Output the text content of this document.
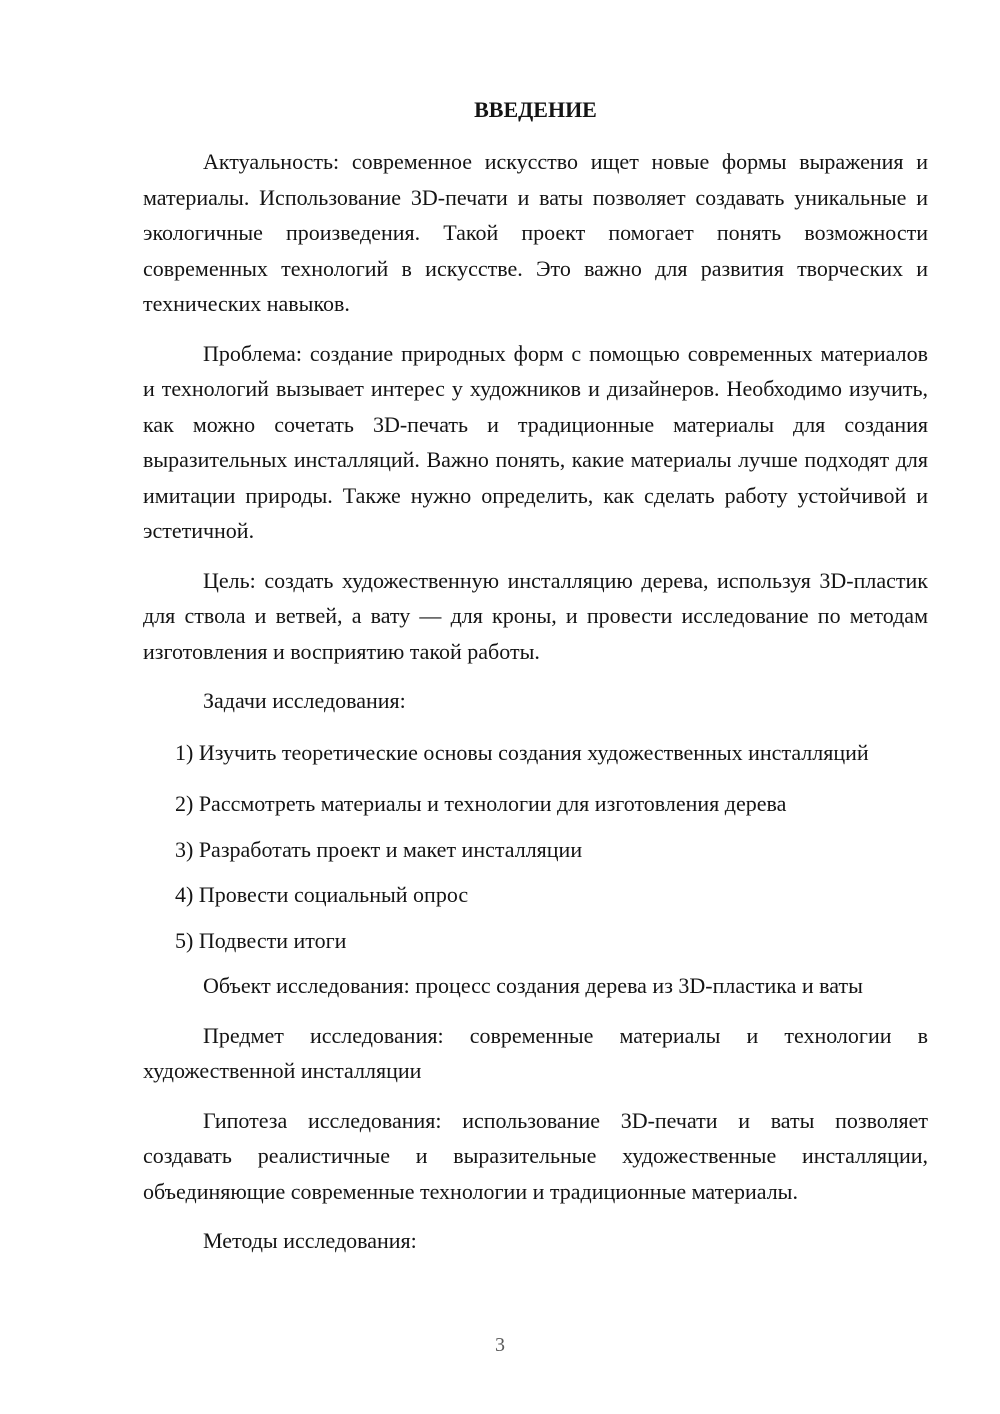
ВВЕДЕНИЕ

Актуальность: современное искусство ищет новые формы выражения и материалы. Использование 3D-печати и ваты позволяет создавать уникальные и экологичные произведения. Такой проект помогает понять возможности современных технологий в искусстве. Это важно для развития творческих и технических навыков.

Проблема: создание природных форм с помощью современных материалов и технологий вызывает интерес у художников и дизайнеров. Необходимо изучить, как можно сочетать 3D-печать и традиционные материалы для создания выразительных инсталляций. Важно понять, какие материалы лучше подходят для имитации природы. Также нужно определить, как сделать работу устойчивой и эстетичной.

Цель: создать художественную инсталляцию дерева, используя 3D-пластик для ствола и ветвей, а вату — для кроны, и провести исследование по методам изготовления и восприятию такой работы.

Задачи исследования:

1) Изучить теоретические основы создания художественных инсталляций

2) Рассмотреть материалы и технологии для изготовления дерева

3) Разработать проект и макет инсталляции

4) Провести социальный опрос

5) Подвести итоги

Объект исследования: процесс создания дерева из 3D-пластика и ваты

Предмет исследования: современные материалы и технологии в художественной инсталляции

Гипотеза исследования: использование 3D-печати и ваты позволяет создавать реалистичные и выразительные художественные инсталляции, объединяющие современные технологии и традиционные материалы.

Методы исследования:

3
